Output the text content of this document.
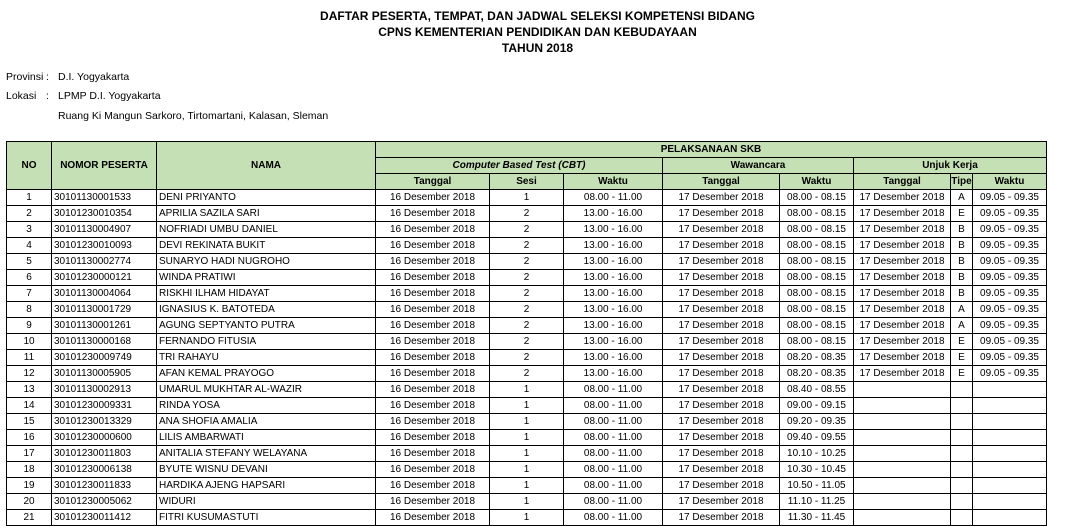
DAFTAR PESERTA, TEMPAT, DAN JADWAL SELEKSI KOMPETENSI BIDANG
CPNS KEMENTERIAN PENDIDIKAN DAN KEBUDAYAAN
TAHUN 2018
Provinsi : D.I. Yogyakarta
Lokasi : LPMP D.I. Yogyakarta
Ruang Ki Mangun Sarkoro, Tirtomartani, Kalasan, Sleman
NO	NOMOR PESERTA	NAMA	PELAKSANAAN SKB							
			Computer Based Test (CBT)			Wawancara		Unjuk Kerja		
			Tanggal	Sesi	Waktu	Tanggal	Waktu	Tanggal	Tipe	Waktu
1	30101130001533	DENI PRIYANTO	16 Desember 2018	1	08.00 - 11.00	17 Desember 2018	08.00 - 08.15	17 Desember 2018	A	09.05 - 09.35
2	30101230010354	APRILIA SAZILA SARI	16 Desember 2018	2	13.00 - 16.00	17 Desember 2018	08.00 - 08.15	17 Desember 2018	E	09.05 - 09.35
3	30101130004907	NOFRIADI UMBU DANIEL	16 Desember 2018	2	13.00 - 16.00	17 Desember 2018	08.00 - 08.15	17 Desember 2018	B	09.05 - 09.35
4	30101230010093	DEVI REKINATA BUKIT	16 Desember 2018	2	13.00 - 16.00	17 Desember 2018	08.00 - 08.15	17 Desember 2018	B	09.05 - 09.35
5	30101130002774	SUNARYO HADI NUGROHO	16 Desember 2018	2	13.00 - 16.00	17 Desember 2018	08.00 - 08.15	17 Desember 2018	B	09.05 - 09.35
6	30101230000121	WINDA PRATIWI	16 Desember 2018	2	13.00 - 16.00	17 Desember 2018	08.00 - 08.15	17 Desember 2018	B	09.05 - 09.35
7	30101130004064	RISKHI ILHAM HIDAYAT	16 Desember 2018	2	13.00 - 16.00	17 Desember 2018	08.00 - 08.15	17 Desember 2018	B	09.05 - 09.35
8	30101130001729	IGNASIUS K. BATOTEDA	16 Desember 2018	2	13.00 - 16.00	17 Desember 2018	08.00 - 08.15	17 Desember 2018	A	09.05 - 09.35
9	30101130001261	AGUNG SEPTYANTO PUTRA	16 Desember 2018	2	13.00 - 16.00	17 Desember 2018	08.00 - 08.15	17 Desember 2018	A	09.05 - 09.35
10	30101130000168	FERNANDO FITUSIA	16 Desember 2018	2	13.00 - 16.00	17 Desember 2018	08.00 - 08.15	17 Desember 2018	E	09.05 - 09.35
11	30101230009749	TRI RAHAYU	16 Desember 2018	2	13.00 - 16.00	17 Desember 2018	08.20 - 08.35	17 Desember 2018	E	09.05 - 09.35
12	30101130005905	AFAN KEMAL PRAYOGO	16 Desember 2018	2	13.00 - 16.00	17 Desember 2018	08.20 - 08.35	17 Desember 2018	E	09.05 - 09.35
13	30101130002913	UMARUL MUKHTAR AL-WAZIR	16 Desember 2018	1	08.00 - 11.00	17 Desember 2018	08.40 - 08.55			
14	30101230009331	RINDA YOSA	16 Desember 2018	1	08.00 - 11.00	17 Desember 2018	09.00 - 09.15			
15	30101230013329	ANA SHOFIA AMALIA	16 Desember 2018	1	08.00 - 11.00	17 Desember 2018	09.20 - 09.35			
16	30101230000600	LILIS AMBARWATI	16 Desember 2018	1	08.00 - 11.00	17 Desember 2018	09.40 - 09.55			
17	30101230011803	ANITALIA STEFANY WELAYANA	16 Desember 2018	1	08.00 - 11.00	17 Desember 2018	10.10 - 10.25			
18	30101230006138	BYUTE WISNU DEVANI	16 Desember 2018	1	08.00 - 11.00	17 Desember 2018	10.30 - 10.45			
19	30101230011833	HARDIKA AJENG HAPSARI	16 Desember 2018	1	08.00 - 11.00	17 Desember 2018	10.50 - 11.05			
20	30101230005062	WIDURI	16 Desember 2018	1	08.00 - 11.00	17 Desember 2018	11.10 - 11.25			
21	30101230011412	FITRI KUSUMASTUTI	16 Desember 2018	1	08.00 - 11.00	17 Desember 2018	11.30 - 11.45			
